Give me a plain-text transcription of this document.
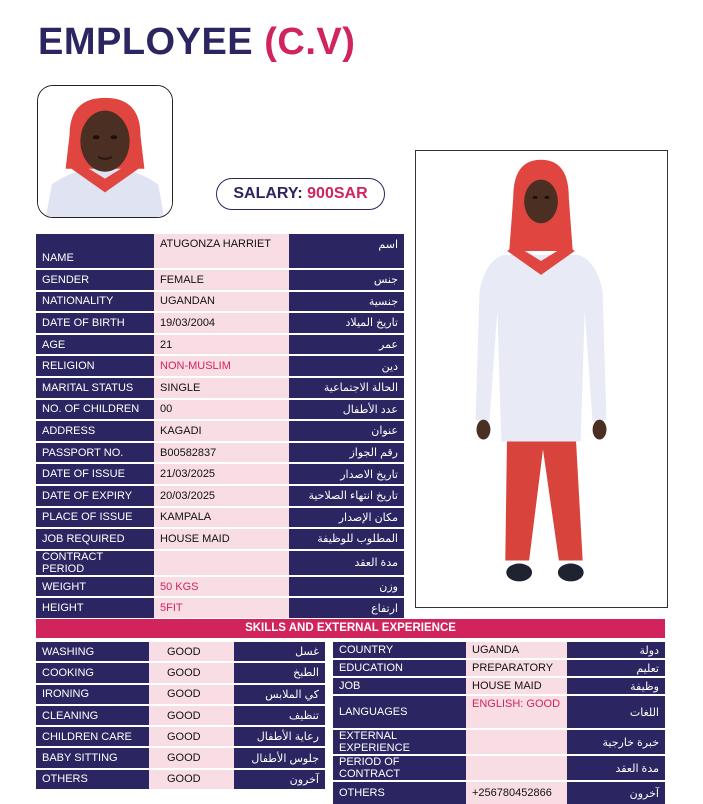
EMPLOYEE (C.V)
SALARY: 900SAR
NAME	ATUGONZA HARRIET	اسم
GENDER	FEMALE	جنس
NATIONALITY	UGANDAN	جنسية
DATE OF BIRTH	19/03/2004	تاريخ الميلاد
AGE	21	عمر
RELIGION	NON-MUSLIM	دين
MARITAL STATUS	SINGLE	الحالة الاجتماعية
NO. OF CHILDREN	00	عدد الأطفال
ADDRESS	KAGADI	عنوان
PASSPORT NO.	B00582837	رقم الجواز
DATE OF ISSUE	21/03/2025	تاريخ الاصدار
DATE OF EXPIRY	20/03/2025	تاريخ انتهاء الصلاحية
PLACE OF ISSUE	KAMPALA	مكان الإصدار
JOB REQUIRED	HOUSE MAID	المطلوب للوظيفة
CONTRACT PERIOD		مدة العقد
WEIGHT	50 KGS	وزن
HEIGHT	5FIT	ارتفاع
SKILLS AND EXTERNAL EXPERIENCE
WASHING	GOOD	غسل
COOKING	GOOD	الطبخ
IRONING	GOOD	كي الملابس
CLEANING	GOOD	تنظيف
CHILDREN CARE	GOOD	رعاية الأطفال
BABY SITTING	GOOD	جلوس الأطفال
OTHERS	GOOD	آخرون
COUNTRY	UGANDA	دولة
EDUCATION	PREPARATORY	تعليم
JOB	HOUSE MAID	وظيفة
LANGUAGES	ENGLISH: GOOD	اللغات
EXTERNAL EXPERIENCE		خبرة خارجية
PERIOD OF CONTRACT		مدة العقد
OTHERS	+256780452866	آخرون
